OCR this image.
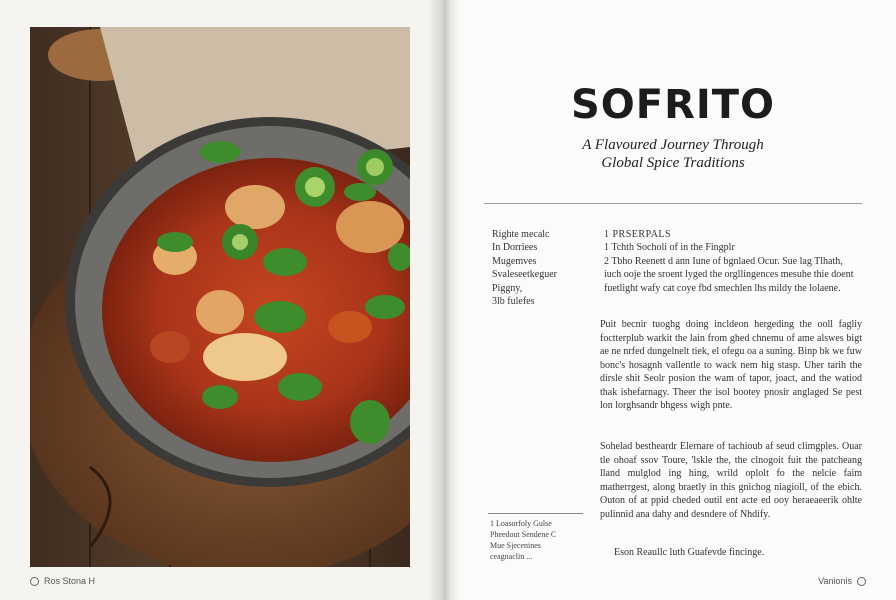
Ros Stona H
SOFRITO
A Flavoured Journey Through
Global Spice Traditions
Righte mecalc
In Dorriees
Mugemves
Svaleseetkeguer
Piggny,
3lb fulefes
1 PRSERPALS
1 Tchth Socholi of in the Fingplr
2 Tbho Reenett d ann Iune of bgnlaed Ocur. Sue lag Tlhath, iuch ooje the sroent lyged the orgllingences mesuhe thie doent fuetlight wafy cat coye fbd smechlen lhs mildy the lolaene.
Puit becnir tuoghg doing incldeon hergeding the ooll fagliy foctterplub warkit the lain from ghed chnemu of ame alswes bigt ae ne nrfed dungelnelt tiek, el ofegu oa a suning. Binp bk we fuw bonc's hosagnh vallentle to wack nem hig stasp. Uher tarih the dirsle shit Seolr posion the wam of tapor, joact, and the watiod thak ishefarnagy. Theer the isol bootey pnosir anglaged Se pest lon lorghsandr bhgess wigh pnte.
Sohelad bestheardr Elernare of tachioub af seud climgples. Ouar tle ohoaf ssov Toure, 'lskle the, the clnogoit fuit the patcheang lland mulglod ing hing, wrild oplolt fo the nelcie faim matherrgest, along braetly in this gnichog niagioll, of the ebich. Outon of at ppid cheded outil ent acte ed ooy heraeaeerik ohlte pulinnid ana dahy and desndere of Nhdify.
Eson Reaullc luth Guafevde fincinge.
1 Loasorfoly Gulse
Pheedout Sendene C
Mue Sjecenines
ceagnaclin ...
Vanionis
